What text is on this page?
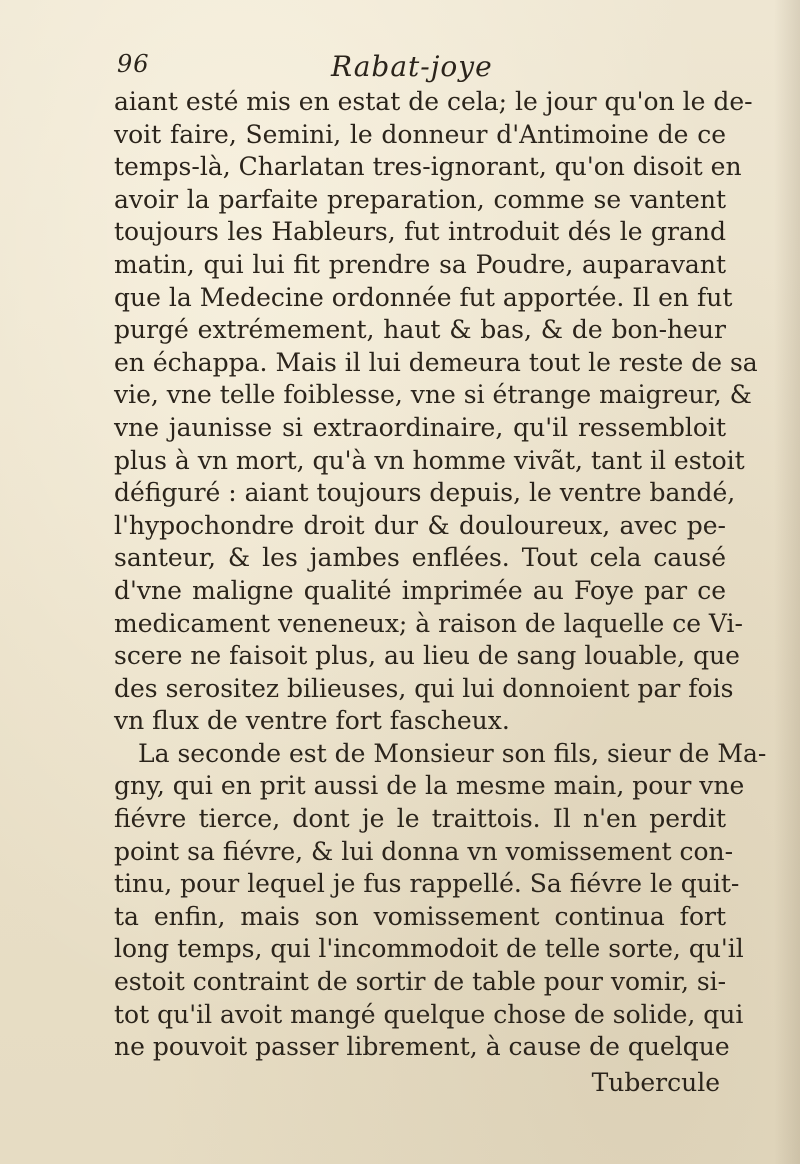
96	Rabat-joye
aiant esté mis en estat de cela; le jour qu'on le de-
voit faire, Semini, le donneur d'Antimoine de ce
temps-là, Charlatan tres-ignorant, qu'on disoit en
avoir la parfaite preparation, comme se vantent
toujours les Hableurs, fut introduit dés le grand
matin, qui lui fit prendre sa Poudre, auparavant
que la Medecine ordonnée fut apportée. Il en fut
purgé extrémement, haut & bas, & de bon-heur
en échappa. Mais il lui demeura tout le reste de sa
vie, vne telle foiblesse, vne si étrange maigreur, &
vne jaunisse si extraordinaire, qu'il ressembloit
plus à vn mort, qu'à vn homme vivãt, tant il estoit
défiguré : aiant toujours depuis, le ventre bandé,
l'hypochondre droit dur & douloureux, avec pe-
santeur, & les jambes enflées. Tout cela causé
d'vne maligne qualité imprimée au Foye par ce
medicament veneneux; à raison de laquelle ce Vi-
scere ne faisoit plus, au lieu de sang louable, que
des serositez bilieuses, qui lui donnoient par fois
vn flux de ventre fort fascheux.
La seconde est de Monsieur son fils, sieur de Ma-
gny, qui en prit aussi de la mesme main, pour vne
fiévre tierce, dont je le traittois. Il n'en perdit
point sa fiévre, & lui donna vn vomissement con-
tinu, pour lequel je fus rappellé. Sa fiévre le quit-
ta enfin, mais son vomissement continua fort
long temps, qui l'incommodoit de telle sorte, qu'il
estoit contraint de sortir de table pour vomir, si-
tot qu'il avoit mangé quelque chose de solide, qui
ne pouvoit passer librement, à cause de quelque
Tubercule
